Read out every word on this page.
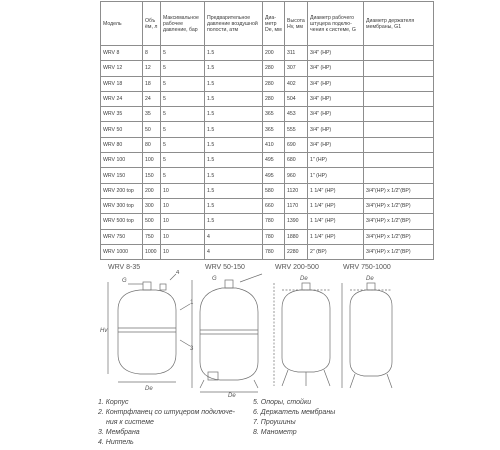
Модель	Объ ём, л	Максимальное рабочее давление, бар	Предварительное давление воздушной полости, атм	Диаметр De, мм	Высота Hv, мм	Диаметр рабочего штуцера подключения к системе, G	Диаметр держателя мембраны, G1
WRV 8	8	5	1.5	200	311	3/4" (НР)	
WRV 12	12	5	1.5	280	307	3/4" (НР)	
WRV 18	18	5	1.5	280	402	3/4" (НР)	
WRV 24	24	5	1.5	280	504	3/4" (НР)	
WRV 35	35	5	1.5	365	453	3/4" (НР)	
WRV 50	50	5	1.5	365	555	3/4" (НР)	
WRV 80	80	5	1.5	410	690	3/4" (НР)	
WRV 100	100	5	1.5	495	680	1" (НР)	
WRV 150	150	5	1.5	495	960	1" (НР)	
WRV 200 top	200	10	1.5	580	1120	1 1/4" (НР)	3/4"(НР) x 1/2"(ВР)
WRV 300 top	300	10	1.5	660	1170	1 1/4" (НР)	3/4"(НР) x 1/2"(ВР)
WRV 500 top	500	10	1.5	780	1390	1 1/4" (НР)	3/4"(НР) x 1/2"(ВР)
WRV 750	750	10	4	780	1880	1 1/4" (НР)	3/4"(НР) x 1/2"(ВР)
WRV 1000	1000	10	4	780	2280	2" (ВР)	3/4"(НР) x 1/2"(ВР)
WRV 8-35	WRV 50-150	WRV 200-500	WRV 750-1000
Hv
De
G
4
1
3
De
G	De	De
1. Корпус
2. Контрфланец со штуцером подключе-
ния к системе
3. Мембрана
4. Ниппель
5. Опоры, стойки
6. Держатель мембраны
7. Проушины
8. Манометр
